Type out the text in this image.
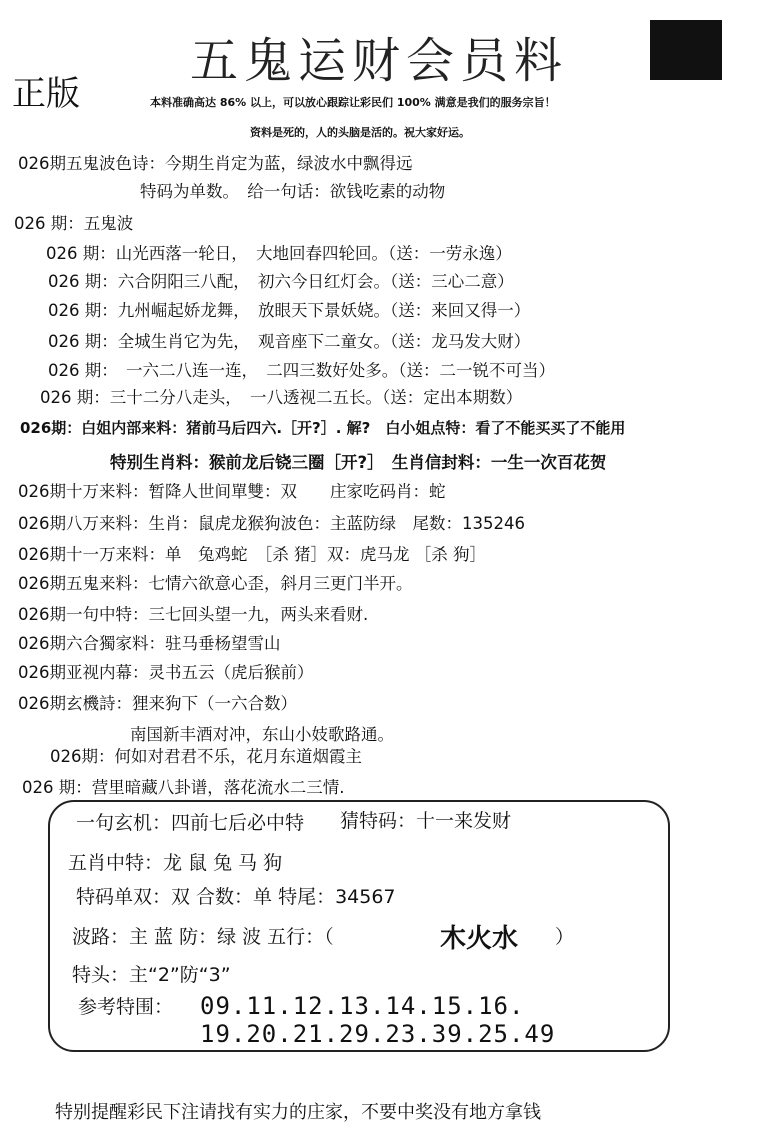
五鬼运财会员料
正版	本料准确高达 86% 以上，可以放心跟踪让彩民们 100% 满意是我们的服务宗旨！
资料是死的，人的头脑是活的。祝大家好运。
026期五鬼波色诗：今期生肖定为蓝，绿波水中飘得远
特码为单数。　给一句话：欲钱吃素的动物
026 期：五鬼波
026 期：山光西落一轮日，　大地回春四轮回。（送：一劳永逸）
026 期：六合阴阳三八配，　初六今日红灯会。（送：三心二意）
026 期：九州崛起娇龙舞，　放眼天下景妖娆。（送：来回又得一）
026 期：全城生肖它为先，　观音座下二童女。（送：龙马发大财）
026 期：　一六二八连一连，　二四三数好处多。（送：二一锐不可当）
026 期：三十二分八走头，　一八透视二五长。（送：定出本期数）
026期：白姐内部来料：猪前马后四六.［开?］. 解?　白小姐点特：看了不能买买了不能用
特别生肖料：猴前龙后铙三圈［开?］　生肖信封料：一生一次百花贺
026期十万来料：暂降人世间單雙：双　　庄家吃码肖：蛇
026期八万来料：生肖：鼠虎龙猴狗波色：主蓝防绿　尾数：135246
026期十一万来料：单　兔鸡蛇　［杀 猪］双：虎马龙 ［杀 狗］
026期五鬼来料：七情六欲意心歪，斜月三更门半开。
026期一句中特：三七回头望一九，两头来看财.
026期六合獨家料：驻马垂杨望雪山
026期亚视内幕：灵书五云（虎后猴前）
026期玄機詩：狸来狗下（一六合数）
南国新丰酒对冲，东山小妓歌路通。
026期：何如对君君不乐，花月东道烟霞主
026 期：营里暗藏八卦谱，落花流水二三情.
一句玄机：四前七后必中特 猜特码：十一来发财
五肖中特：龙 鼠 兔 马 狗
特码单双：双 合数：单 特尾：34567
波路：主 蓝 防：绿 波 五行：（	木火水 ）
特头：主“2”防“3”
参考特围： 09.11.12.13.14.15.16.
19.20.21.29.23.39.25.49
特别提醒彩民下注请找有实力的庄家，不要中奖没有地方拿钱
